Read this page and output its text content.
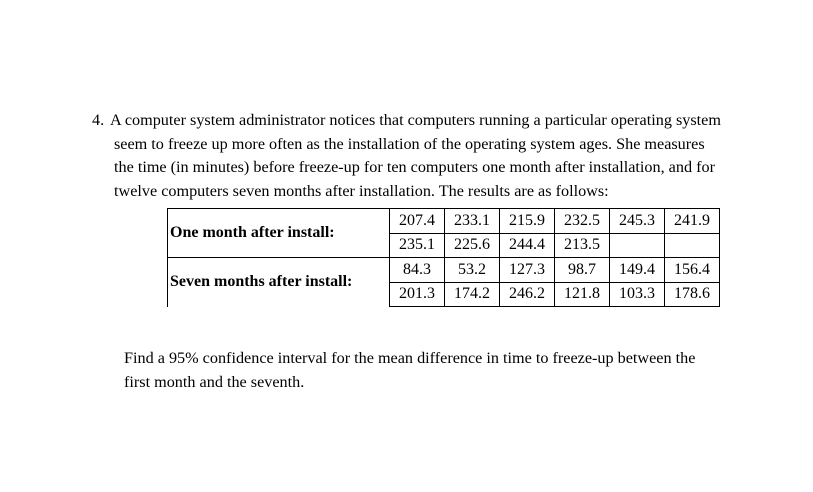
4. A computer system administrator notices that computers running a particular operating system
seem to freeze up more often as the installation of the operating system ages. She measures
the time (in minutes) before freeze-up for ten computers one month after installation, and for
twelve computers seven months after installation. The results are as follows:
One month after install:	207.4	233.1	215.9	232.5	245.3	241.9
	235.1	225.6	244.4	213.5		
Seven months after install:	84.3	53.2	127.3	98.7	149.4	156.4
	201.3	174.2	246.2	121.8	103.3	178.6
Find a 95% confidence interval for the mean difference in time to freeze-up between the
first month and the seventh.
